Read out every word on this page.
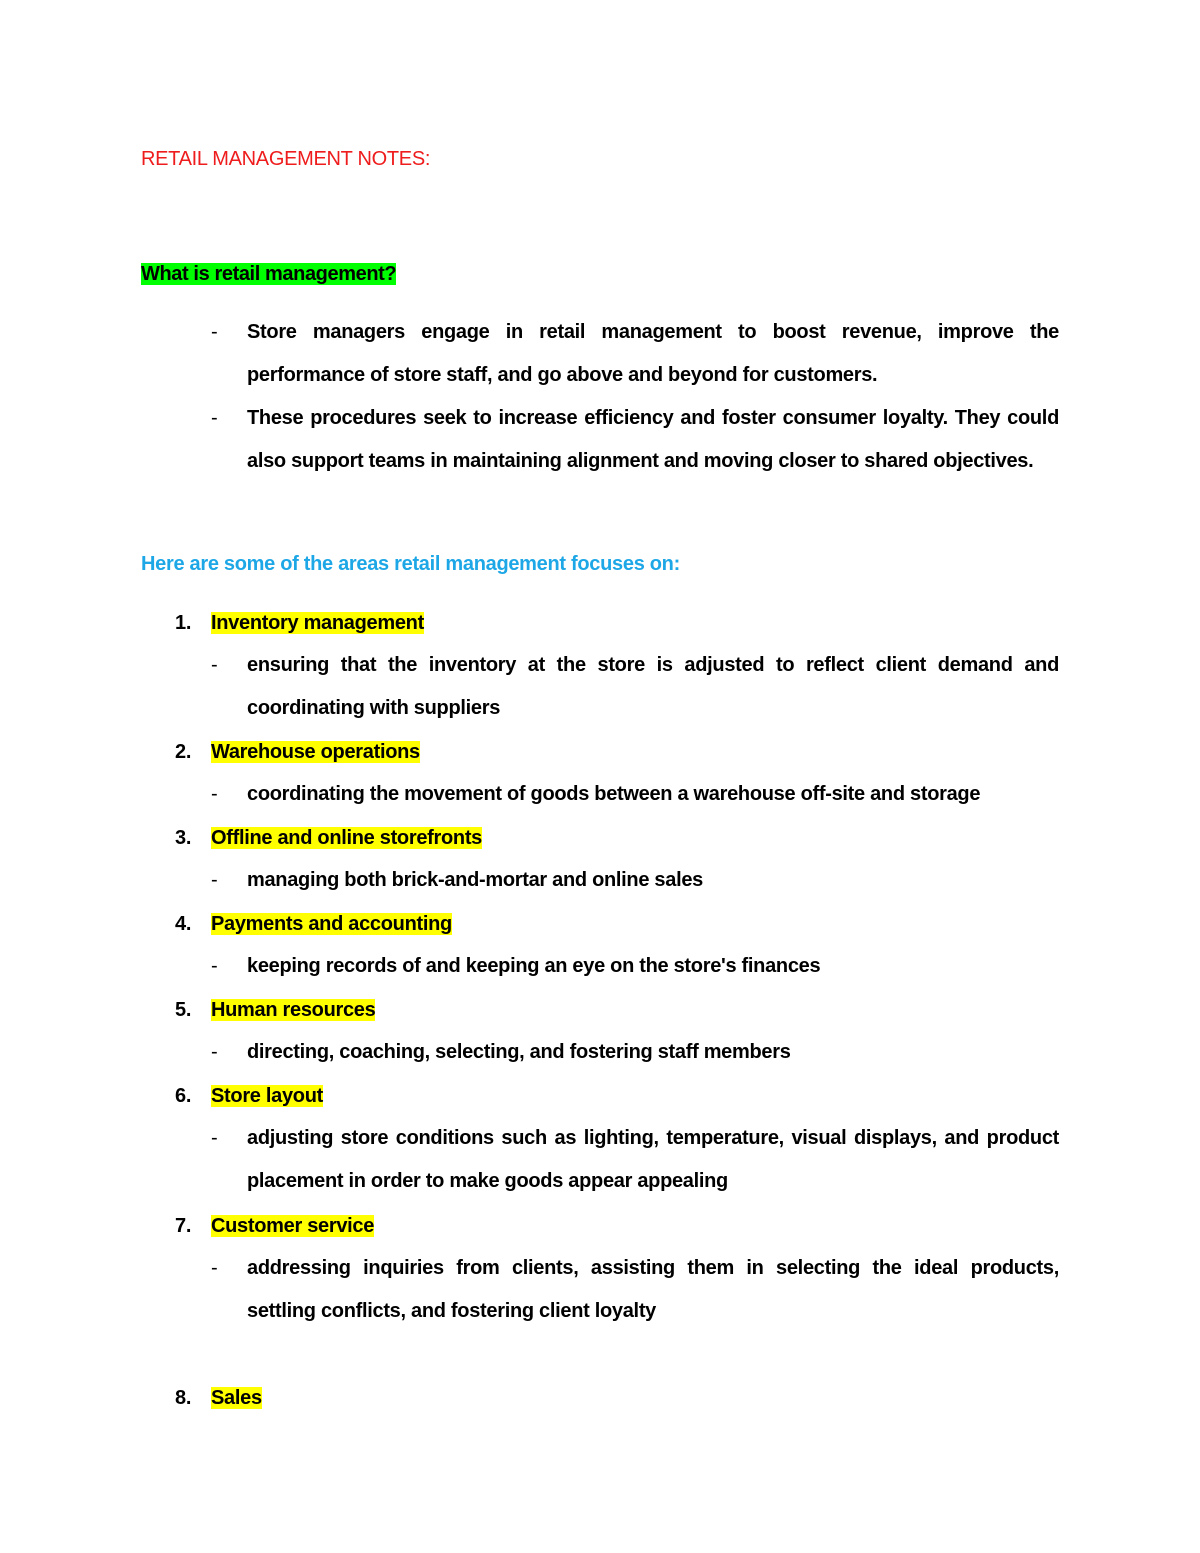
RETAIL MANAGEMENT NOTES:
What is retail management?
-	Store managers engage in retail management to boost revenue, improve the performance of store staff, and go above and beyond for customers.
-	These procedures seek to increase efficiency and foster consumer loyalty. They could also support teams in maintaining alignment and moving closer to shared objectives.
Here are some of the areas retail management focuses on:
1. Inventory management
-	ensuring that the inventory at the store is adjusted to reflect client demand and coordinating with suppliers
2. Warehouse operations
-	coordinating the movement of goods between a warehouse off-site and storage
3. Offline and online storefronts
-	managing both brick-and-mortar and online sales
4. Payments and accounting
-	keeping records of and keeping an eye on the store's finances
5. Human resources
-	directing, coaching, selecting, and fostering staff members
6. Store layout
-	adjusting store conditions such as lighting, temperature, visual displays, and product placement in order to make goods appear appealing
7. Customer service
-	addressing inquiries from clients, assisting them in selecting the ideal products, settling conflicts, and fostering client loyalty
8. Sales
